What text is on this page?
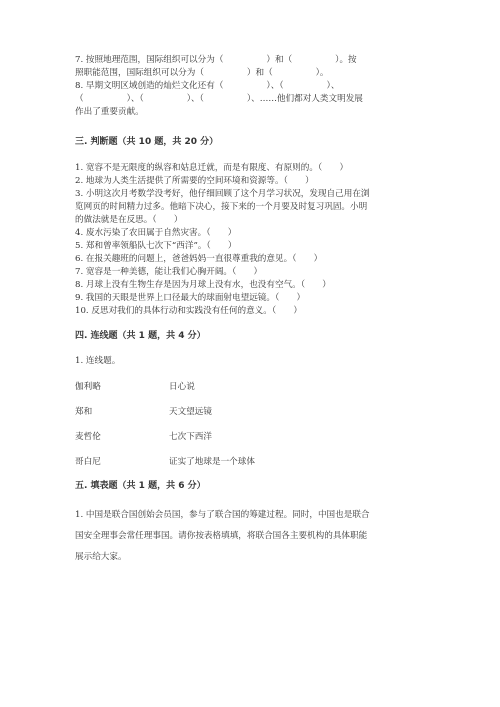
7. 按照地理范围，国际组织可以分为（　　　　　）和（　　　　　）。按

照职能范围，国际组织可以分为（　　　　　）和（　　　　　）。

8. 早期文明区域创造的灿烂文化还有（　　　　　）、（　　　　　）、

（　　　　　）、（　　　　　）、（　　　　　）、……他们都对人类文明发展

作出了重要贡献。

三. 判断题（共 10 题，共 20 分）

1. 宽容不是无限度的纵容和姑息迁就，而是有限度、有原则的。（　　）

2. 地球为人类生活提供了所需要的空间环境和资源等。（　　）

3. 小明这次月考数学没考好，他仔细回顾了这个月学习状况，发现自己用在浏

览网页的时间精力过多。他暗下决心，接下来的一个月要及时复习巩固。小明

的做法就是在反思。（　　）

4. 废水污染了农田属于自然灾害。（　　）

5. 郑和曾率领船队七次下“西洋”。（　　）

6. 在报关趣班的问题上，爸爸妈妈一直很尊重我的意见。（　　）

7. 宽容是一种美德，能让我们心胸开阔。（　　）

8. 月球上没有生物生存是因为月球上没有水，也没有空气。（　　）

9. 我国的天眼是世界上口径最大的球面射电望远镜。（　　）

10. 反思对我们的具体行动和实践没有任何的意义。（　　）

四. 连线题（共 1 题，共 4 分）

1. 连线题。

伽利略	日心说
郑和	天文望远镜
麦哲伦	七次下西洋
哥白尼	证实了地球是一个球体

五. 填表题（共 1 题，共 6 分）

1. 中国是联合国创始会员国，参与了联合国的筹建过程。同时，中国也是联合

国安全理事会常任理事国。请你按表格填填，将联合国各主要机构的具体职能

展示给大家。
